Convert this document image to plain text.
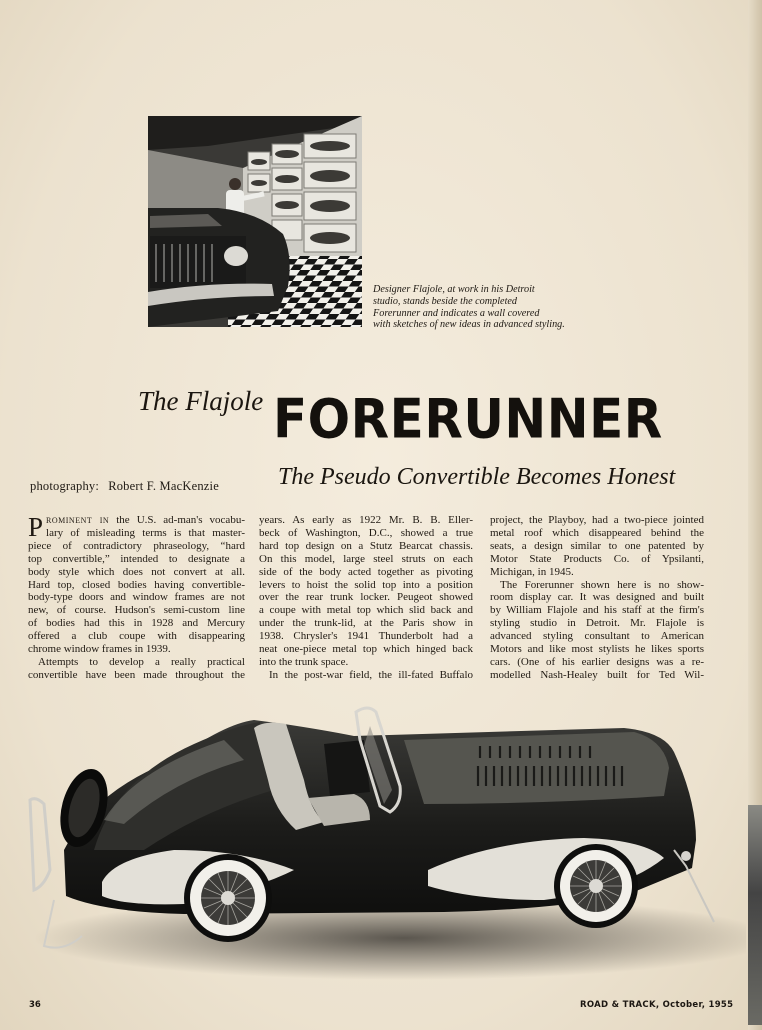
Designer Flajole, at work in his Detroit
studio, stands beside the completed
Forerunner and indicates a wall covered
with sketches of new ideas in advanced styling.
The Flajole FORERUNNER
photography: Robert F. MacKenzie The Pseudo Convertible Becomes Honest
Prominent in the U.S. ad-man's vocabu-
lary of misleading terms is that master-
piece of contradictory phraseology, “hard
top convertible,” intended to designate a
body style which does not convert at all.
Hard top, closed bodies having convertible-
body-type doors and window frames are not
new, of course. Hudson's semi-custom line
of bodies had this in 1928 and Mercury
offered a club coupe with disappearing
chrome window frames in 1939.
Attempts to develop a really practical
convertible have been made throughout the
years. As early as 1922 Mr. B. B. Eller-
beck of Washington, D.C., showed a true
hard top design on a Stutz Bearcat chassis.
On this model, large steel struts on each
side of the body acted together as pivoting
levers to hoist the solid top into a position
over the rear trunk locker. Peugeot showed
a coupe with metal top which slid back and
under the trunk-lid, at the Paris show in
1938. Chrysler's 1941 Thunderbolt had a
neat one-piece metal top which hinged back
into the trunk space.
In the post-war field, the ill-fated Buffalo
project, the Playboy, had a two-piece jointed
metal roof which disappeared behind the
seats, a design similar to one patented by
Motor State Products Co. of Ypsilanti,
Michigan, in 1945.
The Forerunner shown here is no show-
room display car. It was designed and built
by William Flajole and his staff at the firm's
styling studio in Detroit. Mr. Flajole is
advanced styling consultant to American
Motors and like most stylists he likes sports
cars. (One of his earlier designs was a re-
modelled Nash-Healey built for Ted Wil-
36	ROAD & TRACK, October, 1955
